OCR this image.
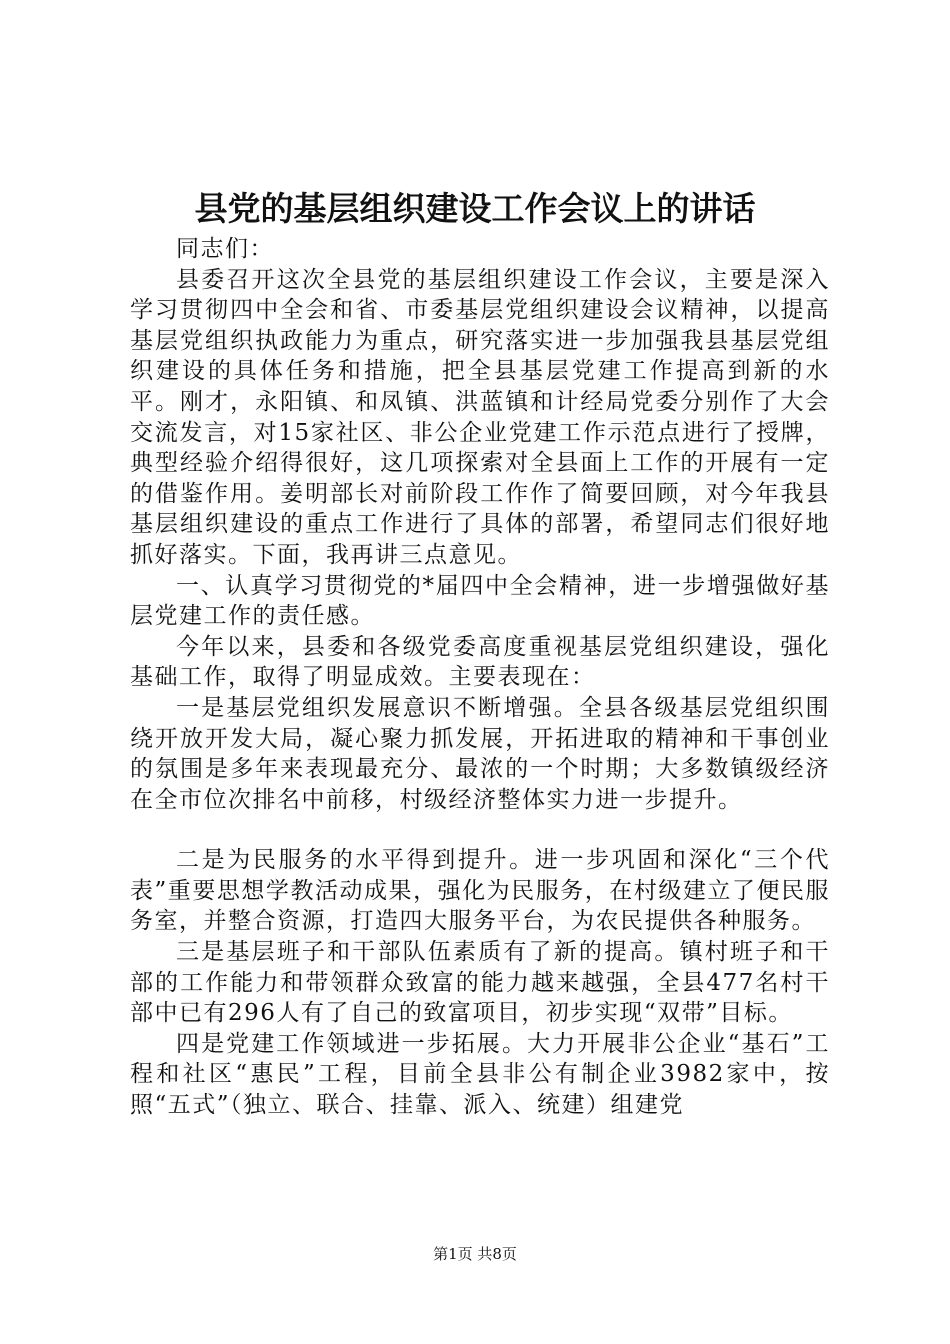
县党的基层组织建设工作会议上的讲话

同志们：

县委召开这次全县党的基层组织建设工作会议，主要是深入学习贯彻四中全会和省、市委基层党组织建设会议精神，以提高基层党组织执政能力为重点，研究落实进一步加强我县基层党组织建设的具体任务和措施，把全县基层党建工作提高到新的水平。刚才，永阳镇、和凤镇、洪蓝镇和计经局党委分别作了大会交流发言，对15家社区、非公企业党建工作示范点进行了授牌，典型经验介绍得很好，这几项探索对全县面上工作的开展有一定的借鉴作用。姜明部长对前阶段工作作了简要回顾，对今年我县基层组织建设的重点工作进行了具体的部署，希望同志们很好地抓好落实。下面，我再讲三点意见。

一、认真学习贯彻党的*届四中全会精神，进一步增强做好基层党建工作的责任感。

今年以来，县委和各级党委高度重视基层党组织建设，强化基础工作，取得了明显成效。主要表现在：

一是基层党组织发展意识不断增强。全县各级基层党组织围绕开放开发大局，凝心聚力抓发展，开拓进取的精神和干事创业的氛围是多年来表现最充分、最浓的一个时期；大多数镇级经济在全市位次排名中前移，村级经济整体实力进一步提升。

二是为民服务的水平得到提升。进一步巩固和深化“三个代表”重要思想学教活动成果，强化为民服务，在村级建立了便民服务室，并整合资源，打造四大服务平台，为农民提供各种服务。

三是基层班子和干部队伍素质有了新的提高。镇村班子和干部的工作能力和带领群众致富的能力越来越强，全县477名村干部中已有296人有了自己的致富项目，初步实现“双带”目标。

四是党建工作领域进一步拓展。大力开展非公企业“基石”工程和社区“惠民”工程，目前全县非公有制企业3982家中，按照“五式”（独立、联合、挂靠、派入、统建）组建党

第1页 共8页
